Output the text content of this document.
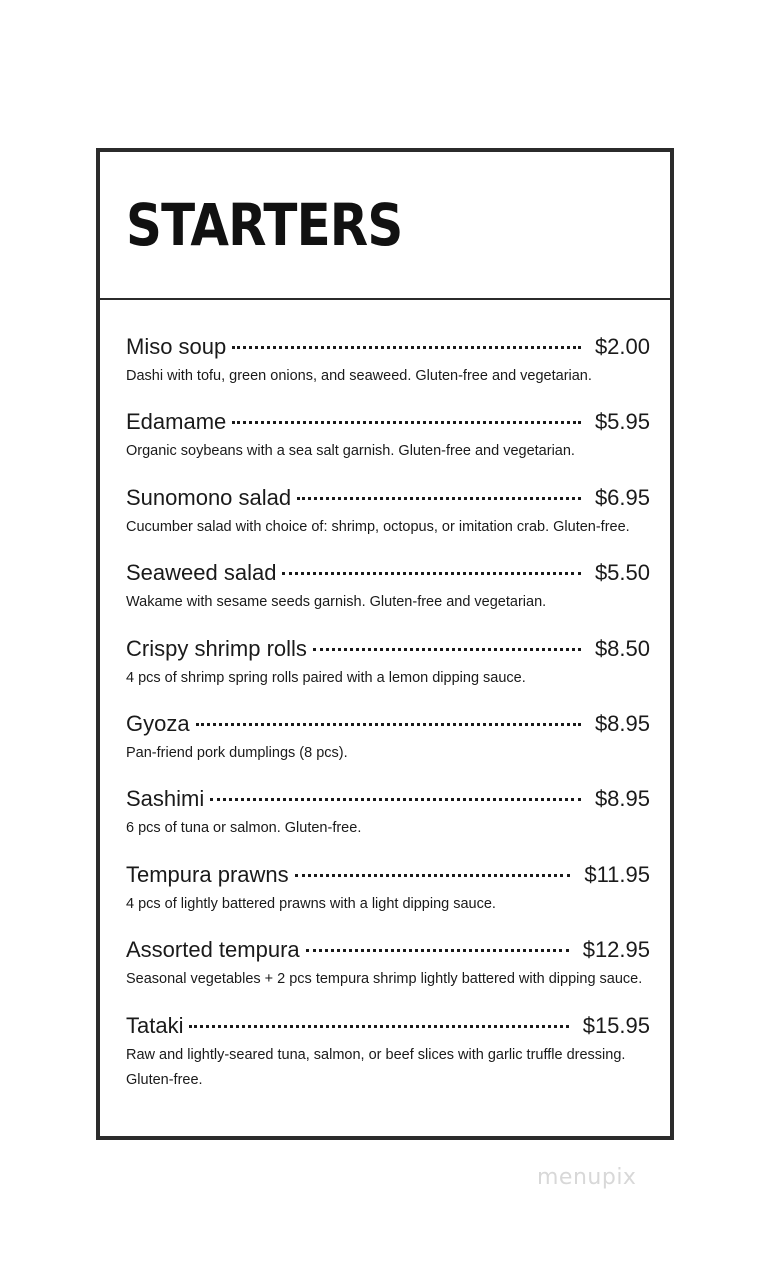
STARTERS
Miso soup	$2.00
Dashi with tofu, green onions, and seaweed. Gluten-free and vegetarian.
Edamame	$5.95
Organic soybeans with a sea salt garnish. Gluten-free and vegetarian.
Sunomono salad	$6.95
Cucumber salad with choice of: shrimp, octopus, or imitation crab. Gluten-free.
Seaweed salad	$5.50
Wakame with sesame seeds garnish. Gluten-free and vegetarian.
Crispy shrimp rolls	$8.50
4 pcs of shrimp spring rolls paired with a lemon dipping sauce.
Gyoza	$8.95
Pan-friend pork dumplings (8 pcs).
Sashimi	$8.95
6 pcs of tuna or salmon. Gluten-free.
Tempura prawns	$11.95
4 pcs of lightly battered prawns with a light dipping sauce.
Assorted tempura	$12.95
Seasonal vegetables + 2 pcs tempura shrimp lightly battered with dipping sauce.
Tataki	$15.95
Raw and lightly-seared tuna, salmon, or beef slices with garlic truffle dressing. Gluten-free.
menupix
